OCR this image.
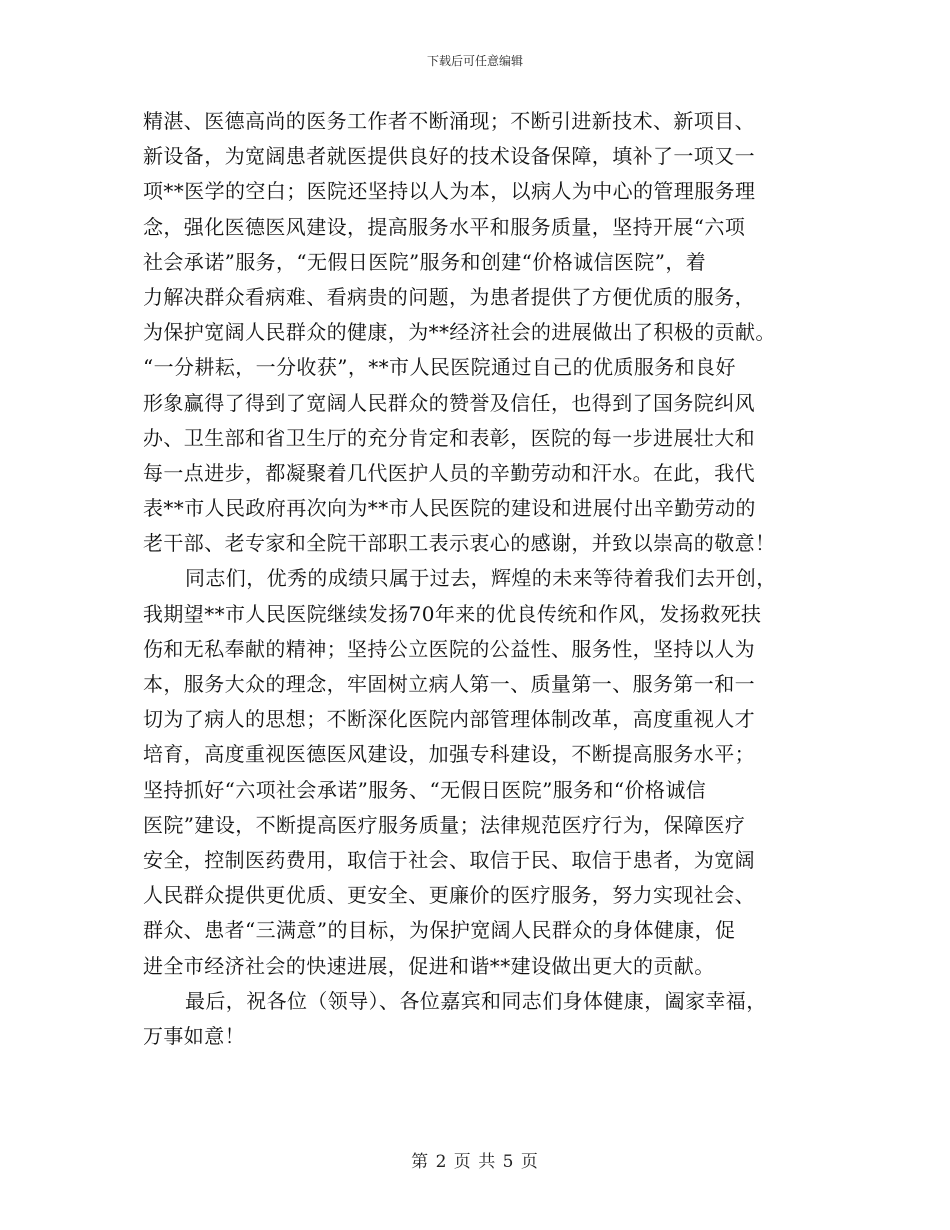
下载后可任意编辑
精湛、医德高尚的医务工作者不断涌现；不断引进新技术、新项目、
新设备，为宽阔患者就医提供良好的技术设备保障，填补了一项又一
项**医学的空白；医院还坚持以人为本，以病人为中心的管理服务理
念，强化医德医风建设，提高服务水平和服务质量，坚持开展“六项
社会承诺”服务，“无假日医院”服务和创建“价格诚信医院”，着
力解决群众看病难、看病贵的问题，为患者提供了方便优质的服务，
为保护宽阔人民群众的健康，为**经济社会的进展做出了积极的贡献。
“一分耕耘，一分收获”，**市人民医院通过自己的优质服务和良好
形象赢得了得到了宽阔人民群众的赞誉及信任，也得到了国务院纠风
办、卫生部和省卫生厅的充分肯定和表彰，医院的每一步进展壮大和
每一点进步，都凝聚着几代医护人员的辛勤劳动和汗水。在此，我代
表**市人民政府再次向为**市人民医院的建设和进展付出辛勤劳动的
老干部、老专家和全院干部职工表示衷心的感谢，并致以崇高的敬意！
同志们，优秀的成绩只属于过去，辉煌的未来等待着我们去开创，
我期望**市人民医院继续发扬70年来的优良传统和作风，发扬救死扶
伤和无私奉献的精神；坚持公立医院的公益性、服务性，坚持以人为
本，服务大众的理念，牢固树立病人第一、质量第一、服务第一和一
切为了病人的思想；不断深化医院内部管理体制改革，高度重视人才
培育，高度重视医德医风建设，加强专科建设，不断提高服务水平；
坚持抓好“六项社会承诺”服务、“无假日医院”服务和“价格诚信
医院”建设，不断提高医疗服务质量；法律规范医疗行为，保障医疗
安全，控制医药费用，取信于社会、取信于民、取信于患者，为宽阔
人民群众提供更优质、更安全、更廉价的医疗服务，努力实现社会、
群众、患者“三满意”的目标，为保护宽阔人民群众的身体健康，促
进全市经济社会的快速进展，促进和谐**建设做出更大的贡献。
最后，祝各位（领导）、各位嘉宾和同志们身体健康，阖家幸福，
万事如意！
第 2 页 共 5 页
